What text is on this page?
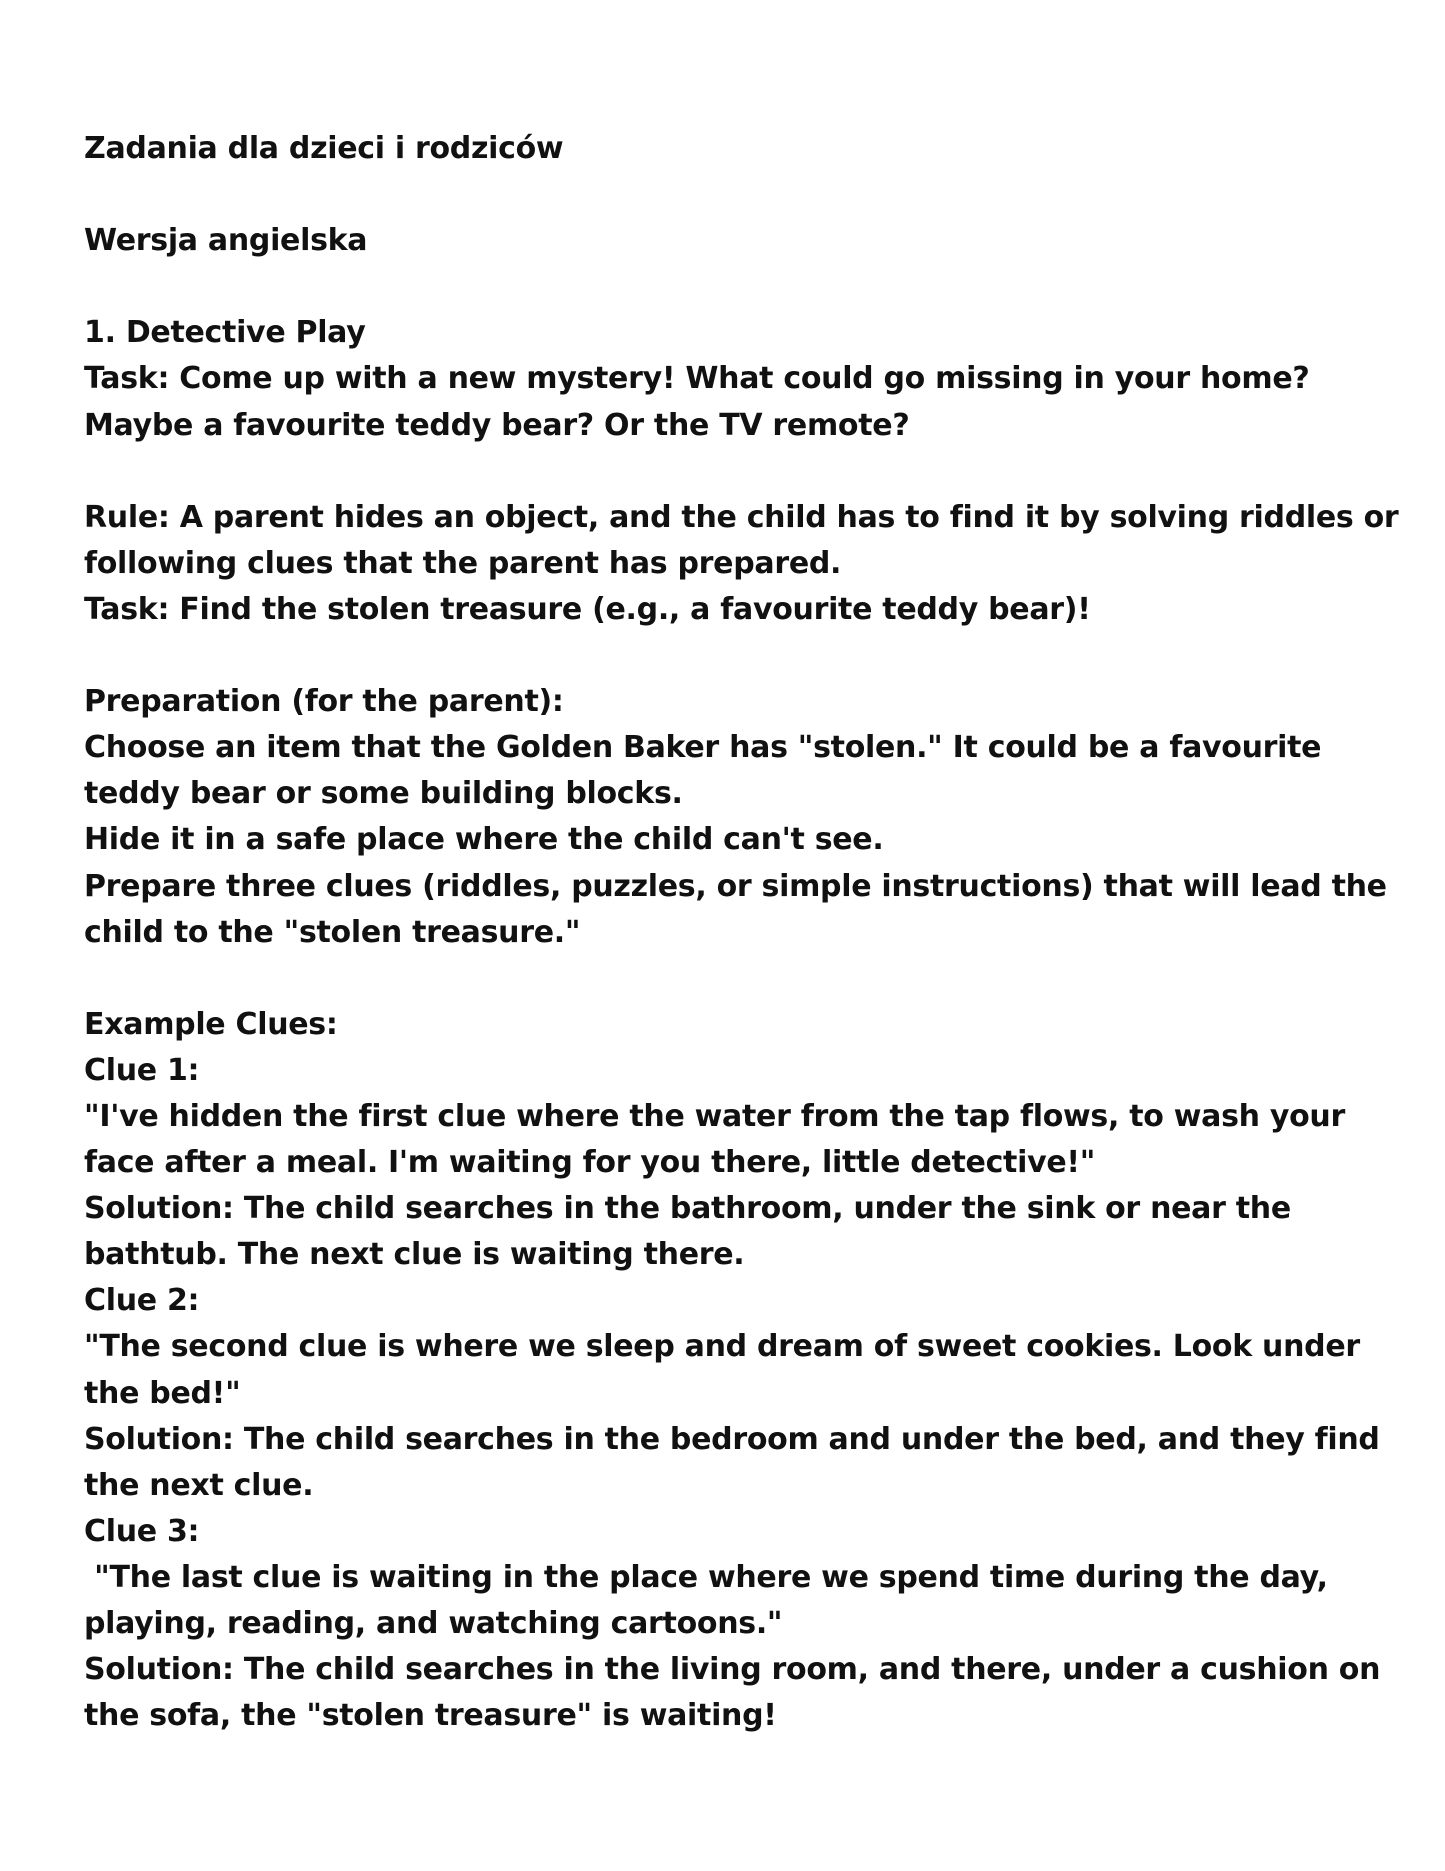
Zadania dla dzieci i rodziców
Wersja angielska
1. Detective Play
Task: Come up with a new mystery! What could go missing in your home?
Maybe a favourite teddy bear? Or the TV remote?
Rule: A parent hides an object, and the child has to find it by solving riddles or
following clues that the parent has prepared.
Task: Find the stolen treasure (e.g., a favourite teddy bear)!
Preparation (for the parent):
Choose an item that the Golden Baker has "stolen." It could be a favourite
teddy bear or some building blocks.
Hide it in a safe place where the child can't see.
Prepare three clues (riddles, puzzles, or simple instructions) that will lead the
child to the "stolen treasure."
Example Clues:
Clue 1:
"I've hidden the first clue where the water from the tap flows, to wash your
face after a meal. I'm waiting for you there, little detective!"
Solution: The child searches in the bathroom, under the sink or near the
bathtub. The next clue is waiting there.
Clue 2:
"The second clue is where we sleep and dream of sweet cookies. Look under
the bed!"
Solution: The child searches in the bedroom and under the bed, and they find
the next clue.
Clue 3:
"The last clue is waiting in the place where we spend time during the day,
playing, reading, and watching cartoons."
Solution: The child searches in the living room, and there, under a cushion on
the sofa, the "stolen treasure" is waiting!
